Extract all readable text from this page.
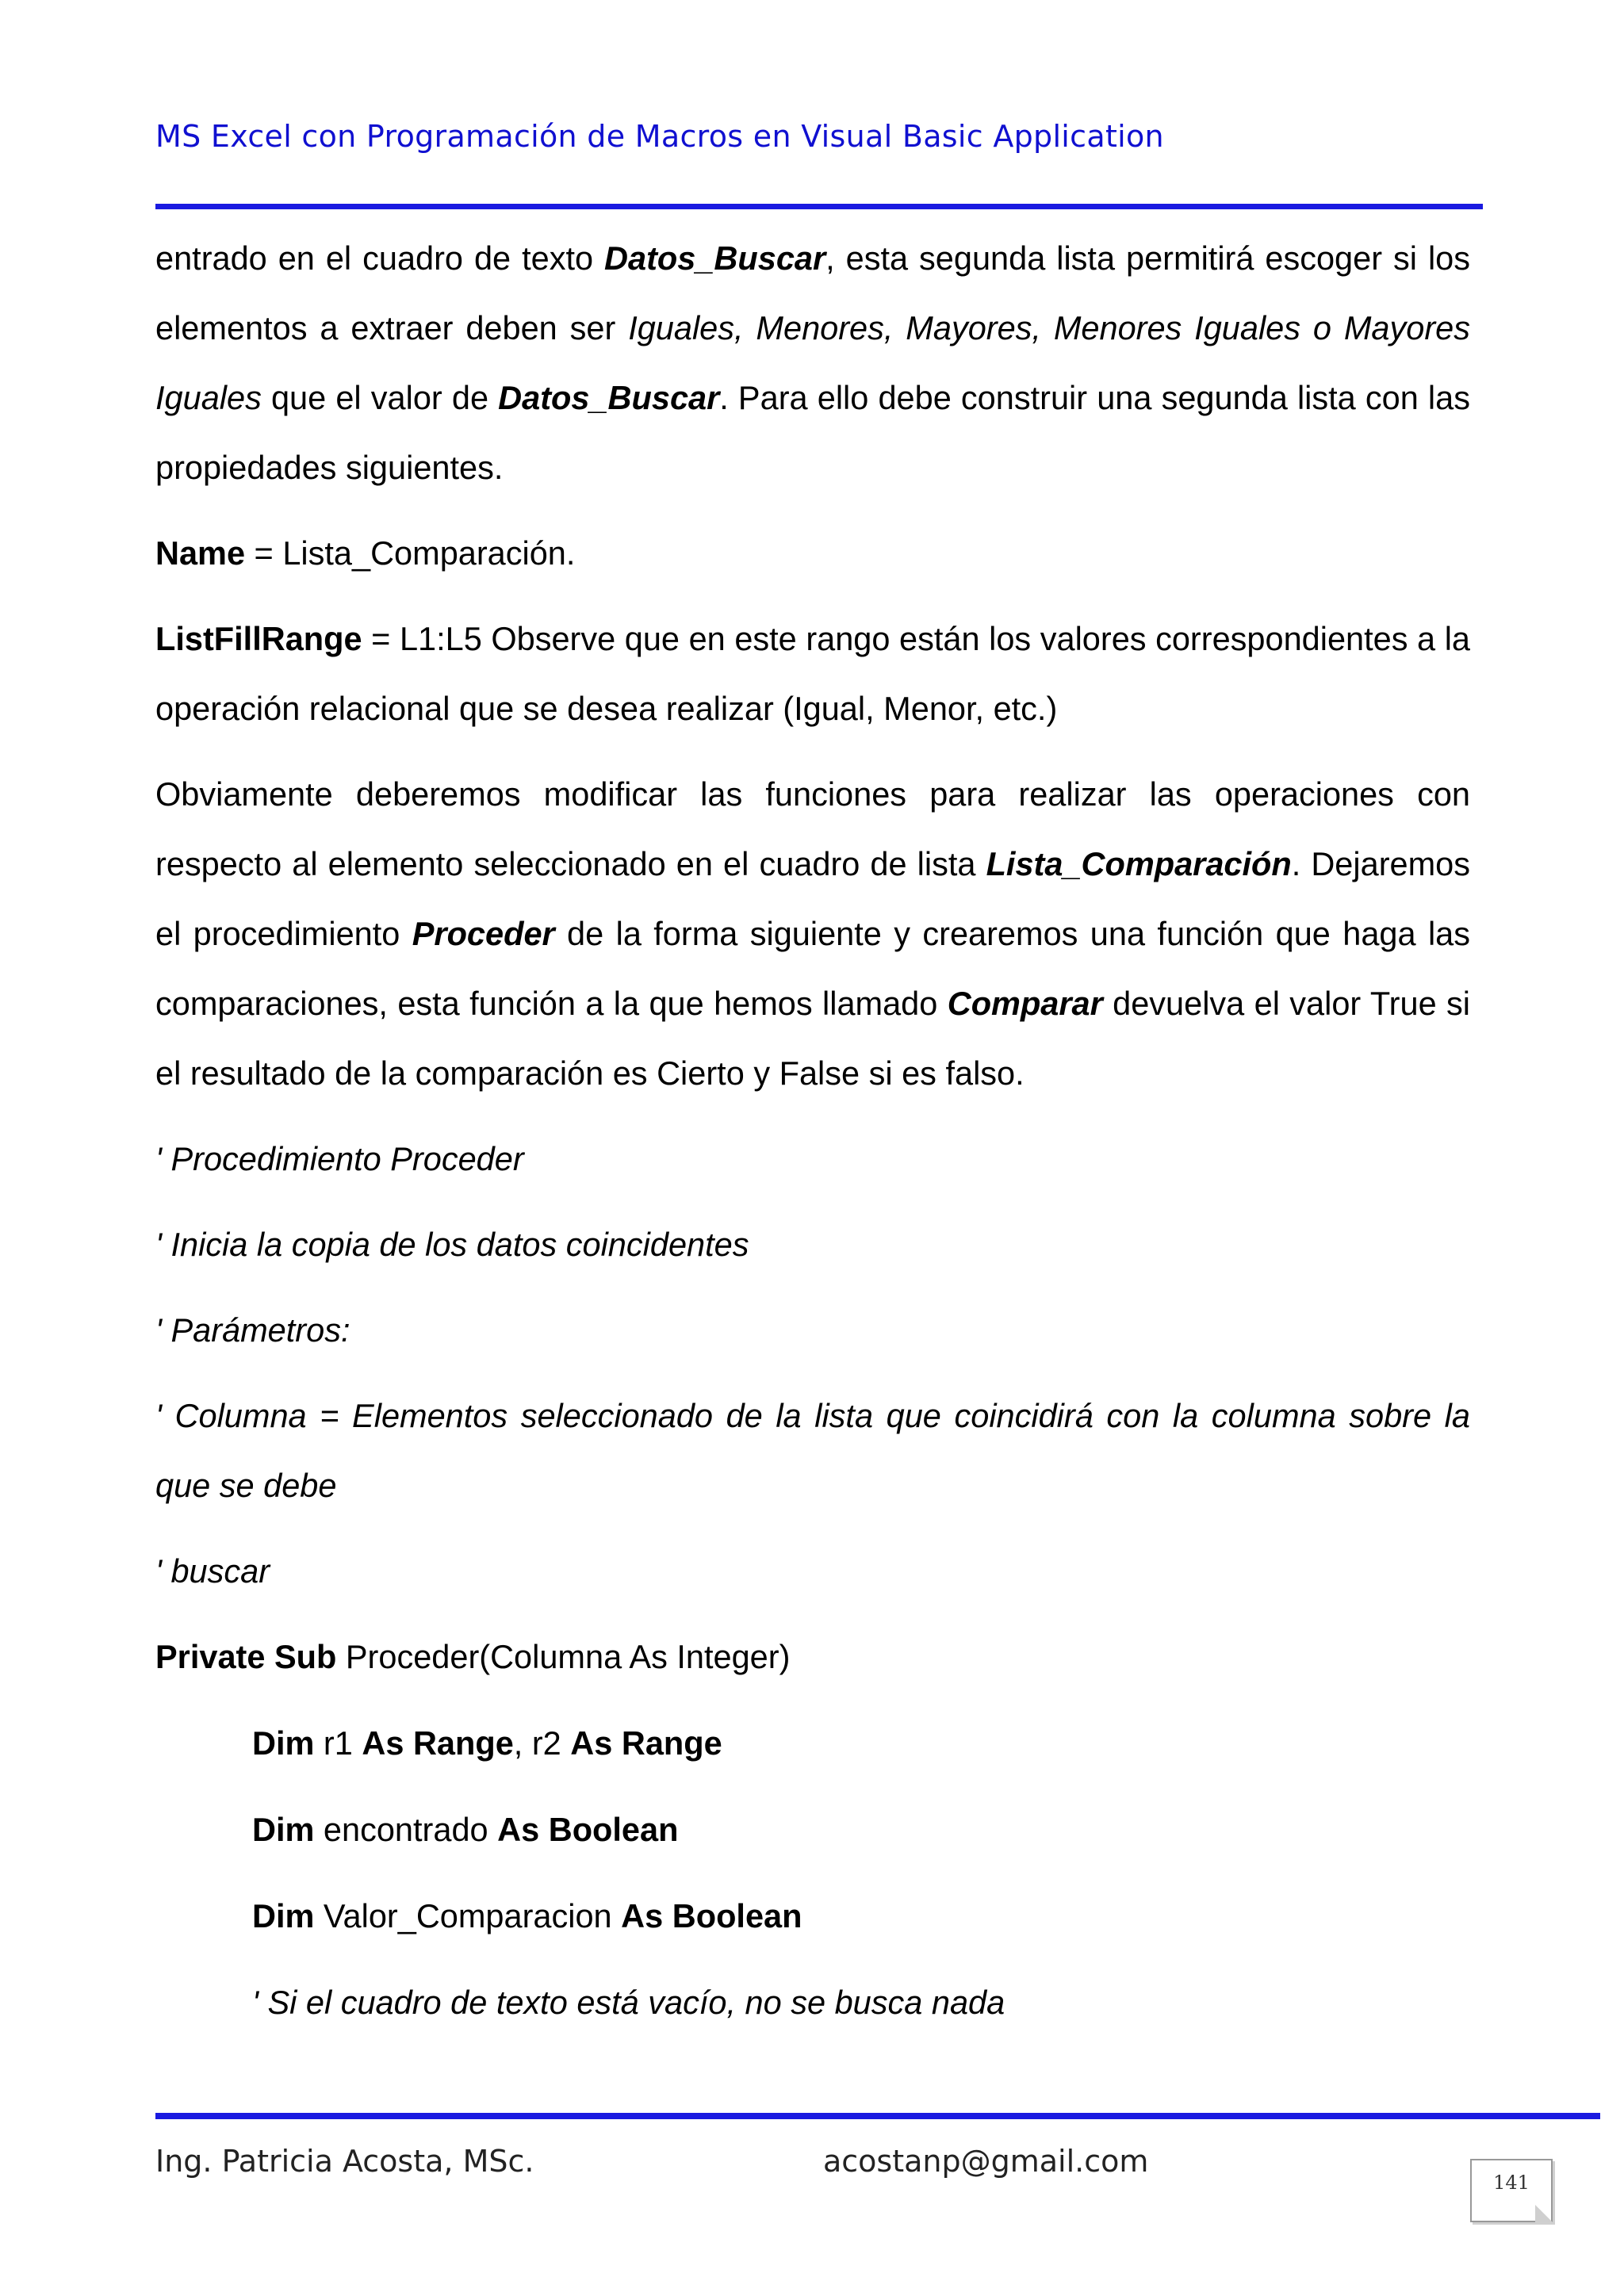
MS Excel con Programación de Macros en Visual Basic Application

entrado en el cuadro de texto Datos_Buscar, esta segunda lista permitirá escoger si los elementos a extraer deben ser Iguales, Menores, Mayores, Menores Iguales o Mayores Iguales que el valor de Datos_Buscar. Para ello debe construir una segunda lista con las propiedades siguientes.

Name = Lista_Comparación.

ListFillRange = L1:L5 Observe que en este rango están los valores correspondientes a la operación relacional que se desea realizar (Igual, Menor, etc.)

Obviamente deberemos modificar las funciones para realizar las operaciones con respecto al elemento seleccionado en el cuadro de lista Lista_Comparación. Dejaremos el procedimiento Proceder de la forma siguiente y crearemos una función que haga las comparaciones, esta función a la que hemos llamado Comparar devuelva el valor True si el resultado de la comparación es Cierto y False si es falso.

' Procedimiento Proceder

' Inicia la copia de los datos coincidentes

' Parámetros:

' Columna = Elementos seleccionado de la lista que coincidirá con la columna sobre la que se debe

' buscar

Private Sub Proceder(Columna As Integer)
Dim r1 As Range, r2 As Range
Dim encontrado As Boolean
Dim Valor_Comparacion As Boolean
' Si el cuadro de texto está vacío, no se busca nada
Ing. Patricia Acosta, MSc.	acostanp@gmail.com
141
